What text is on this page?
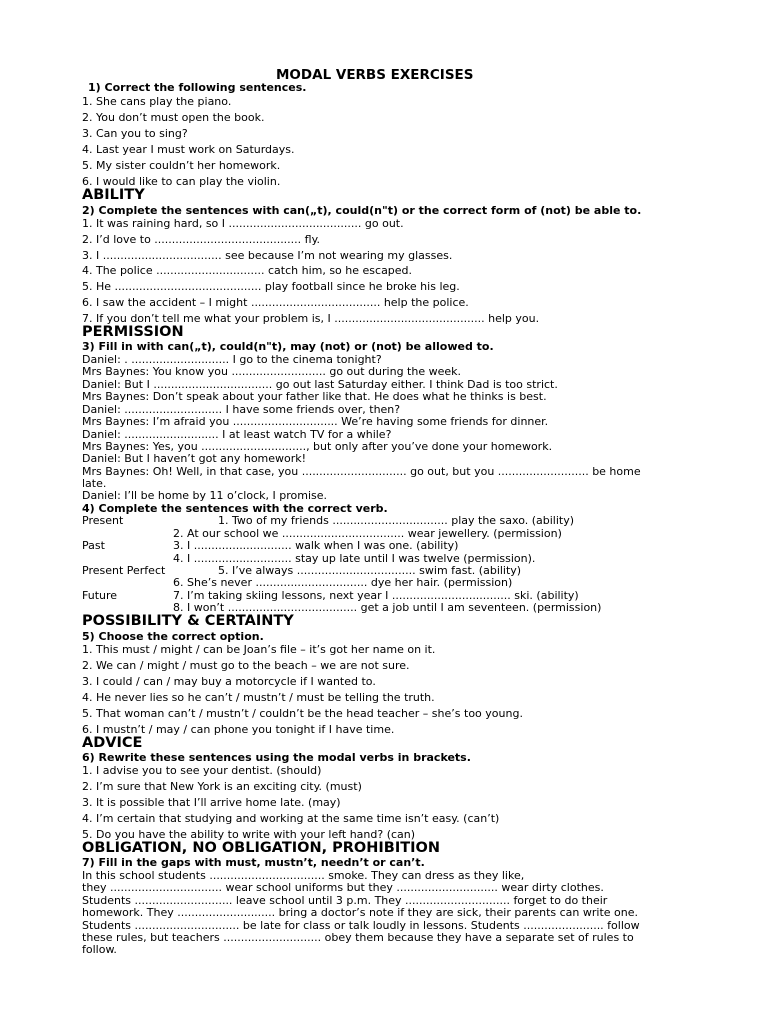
MODAL VERBS EXERCISES
1) Correct the following sentences.
1. She cans play the piano.
2. You don’t must open the book.
3. Can you to sing?
4. Last year I must work on Saturdays.
5. My sister couldn’t her homework.
6. I would like to can play the violin.
ABILITY
2) Complete the sentences with can(„t), could(n"t) or the correct form of (not) be able to.
1. It was raining hard, so I ...................................... go out.
2. I’d love to .......................................... fly.
3. I .................................. see because I’m not wearing my glasses.
4. The police ............................... catch him, so he escaped.
5. He .......................................... play football since he broke his leg.
6. I saw the accident – I might ..................................... help the police.
7. If you don’t tell me what your problem is, I ........................................... help you.
PERMISSION
3) Fill in with can(„t), could(n"t), may (not) or (not) be allowed to.
Daniel: . ............................ I go to the cinema tonight?
Mrs Baynes: You know you ........................... go out during the week.
Daniel: But I .................................. go out last Saturday either. I think Dad is too strict.
Mrs Baynes: Don’t speak about your father like that. He does what he thinks is best.
Daniel: ............................ I have some friends over, then?
Mrs Baynes: I’m afraid you .............................. We’re having some friends for dinner.
Daniel: ........................... I at least watch TV for a while?
Mrs Baynes: Yes, you .............................., but only after you’ve done your homework.
Daniel: But I haven’t got any homework!
Mrs Baynes: Oh! Well, in that case, you .............................. go out, but you .......................... be home
late.
Daniel: I’ll be home by 11 o’clock, I promise.
4) Complete the sentences with the correct verb.
Present	1. Two of my friends ................................. play the saxo. (ability)
2. At our school we ................................... wear jewellery. (permission)
Past	3. I ............................ walk when I was one. (ability)
4. I ............................ stay up late until I was twelve (permission).
Present Perfect	5. I’ve always .................................. swim fast. (ability)
6. She’s never ................................ dye her hair. (permission)
Future	7. I’m taking skiing lessons, next year I .................................. ski. (ability)
8. I won’t ..................................... get a job until I am seventeen. (permission)
POSSIBILITY & CERTAINTY
5) Choose the correct option.
1. This must / might / can be Joan’s file – it’s got her name on it.
2. We can / might / must go to the beach – we are not sure.
3. I could / can / may buy a motorcycle if I wanted to.
4. He never lies so he can’t / mustn’t / must be telling the truth.
5. That woman can’t / mustn’t / couldn’t be the head teacher – she’s too young.
6. I mustn’t / may / can phone you tonight if I have time.
ADVICE
6) Rewrite these sentences using the modal verbs in brackets.
1. I advise you to see your dentist. (should)
2. I’m sure that New York is an exciting city. (must)
3. It is possible that I’ll arrive home late. (may)
4. I’m certain that studying and working at the same time isn’t easy. (can’t)
5. Do you have the ability to write with your left hand? (can)
OBLIGATION, NO OBLIGATION, PROHIBITION
7) Fill in the gaps with must, mustn’t, needn’t or can’t.
In this school students ................................. smoke. They can dress as they like,
they ................................ wear school uniforms but they ............................. wear dirty clothes.
Students ............................ leave school until 3 p.m. They .............................. forget to do their
homework. They ............................ bring a doctor’s note if they are sick, their parents can write one.
Students .............................. be late for class or talk loudly in lessons. Students ....................... follow
these rules, but teachers ............................ obey them because they have a separate set of rules to
follow.
